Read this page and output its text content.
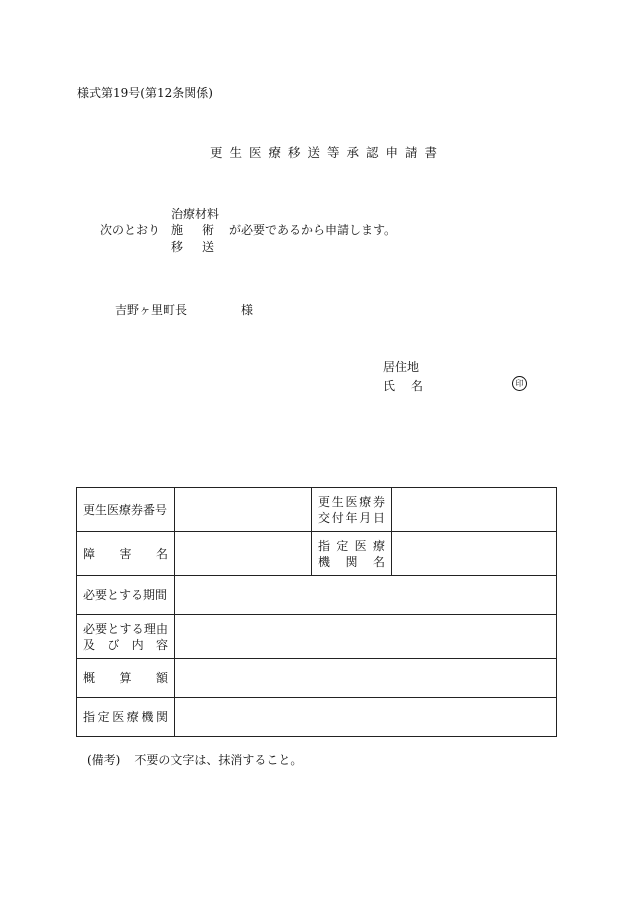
様式第19号(第12条関係)
更生医療移送等承認申請書
次のとおり
治療材料
施術
移送
が必要であるから申請します。
吉野ヶ里町長	様
居住地
氏名	印
更生医療券番号		更生医療券
交付年月日	

障害名		指定医療
機関名	

必要とする期間			

必要とする理由
及び内容			

概算額			

指定医療機関			

(備考) 不要の文字は、抹消すること。
